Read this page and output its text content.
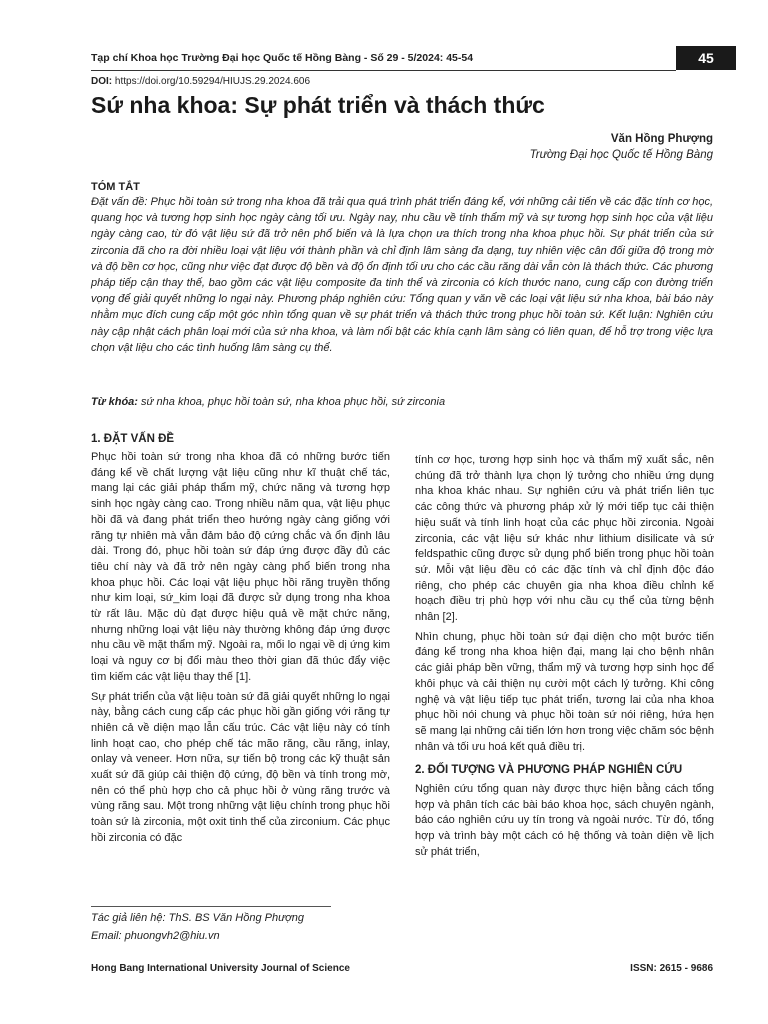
Tạp chí Khoa học Trường Đại học Quốc tế Hồng Bàng - Số 29 - 5/2024: 45-54	45
DOI: https://doi.org/10.59294/HIUJS.29.2024.606
Sứ nha khoa: Sự phát triển và thách thức
Văn Hồng Phượng
Trường Đại học Quốc tế Hồng Bàng
TÓM TẮT

Đặt vấn đề: Phục hồi toàn sứ trong nha khoa đã trải qua quá trình phát triển đáng kể, với những cải tiến về các đặc tính cơ học, quang học và tương hợp sinh học ngày càng tối ưu. Ngày nay, nhu cầu về tính thẩm mỹ và sự tương hợp sinh học của vật liệu ngày càng cao, từ đó vật liệu sứ đã trở nên phổ biến và là lựa chọn ưa thích trong nha khoa phục hồi. Sự phát triển của sứ zirconia đã cho ra đời nhiều loại vật liệu với thành phần và chỉ định lâm sàng đa dạng, tuy nhiên việc cân đối giữa độ trong mờ và độ bền cơ học, cũng như việc đạt được độ bền và độ ổn định tối ưu cho các cầu răng dài vẫn còn là thách thức. Các phương pháp tiếp cận thay thế, bao gồm các vật liệu composite đa tinh thể và zirconia có kích thước nano, cung cấp con đường triển vọng để giải quyết những lo ngại này. Phương pháp nghiên cứu: Tổng quan y văn về các loại vật liệu sứ nha khoa, bài báo này nhằm mục đích cung cấp một góc nhìn tổng quan về sự phát triển và thách thức trong phục hồi toàn sứ. Kết luận: Nghiên cứu này cập nhật cách phân loại mới của sứ nha khoa, và làm nổi bật các khía cạnh lâm sàng có liên quan, để hỗ trợ trong việc lựa chọn vật liệu cho các tình huống lâm sàng cụ thể.

Từ khóa: sứ nha khoa, phục hồi toàn sứ, nha khoa phục hồi, sứ zirconia
1. ĐẶT VẤN ĐỀ

Phục hồi toàn sứ trong nha khoa đã có những bước tiến đáng kể về chất lượng vật liệu cũng như kĩ thuật chế tác, mang lại các giải pháp thẩm mỹ, chức năng và tương hợp sinh học ngày càng cao. Trong nhiều năm qua, vật liệu phục hồi đã và đang phát triển theo hướng ngày càng giống với răng tự nhiên mà vẫn đảm bảo độ cứng chắc và ổn định lâu dài. Trong đó, phục hồi toàn sứ đáp ứng được đầy đủ các tiêu chí này và đã trở nên ngày càng phổ biến trong nha khoa phục hồi. Các loại vật liệu phục hồi răng truyền thống như kim loại, sứ_kim loại đã được sử dụng trong nha khoa từ rất lâu. Mặc dù đạt được hiệu quả về mặt chức năng, nhưng những loại vật liệu này thường không đáp ứng được nhu cầu về mặt thẩm mỹ. Ngoài ra, mối lo ngại về dị ứng kim loại và nguy cơ bị đổi màu theo thời gian đã thúc đẩy việc tìm kiếm các vật liệu thay thế [1].

Sự phát triển của vật liệu toàn sứ đã giải quyết những lo ngại này, bằng cách cung cấp các phục hồi gần giống với răng tự nhiên cả về diện mạo lẫn cấu trúc. Các vật liệu này có tính linh hoạt cao, cho phép chế tác mão răng, cầu răng, inlay, onlay và veneer. Hơn nữa, sự tiến bộ trong các kỹ thuật sản xuất sứ đã giúp cải thiện độ cứng, độ bền và tính trong mờ, nên có thể phù hợp cho cả phục hồi ở vùng răng trước và vùng răng sau. Một trong những vật liệu chính trong phục hồi toàn sứ là zirconia, một oxit tinh thể của zirconium. Các phục hồi zirconia có đặc

tính cơ học, tương hợp sinh học và thẩm mỹ xuất sắc, nên chúng đã trở thành lựa chọn lý tưởng cho nhiều ứng dụng nha khoa khác nhau. Sự nghiên cứu và phát triển liên tục các công thức và phương pháp xử lý mới tiếp tục cải thiện hiệu suất và tính linh hoạt của các phục hồi zirconia. Ngoài zirconia, các vật liệu sứ khác như lithium disilicate và sứ feldspathic cũng được sử dụng phổ biến trong phục hồi toàn sứ. Mỗi vật liệu đều có các đặc tính và chỉ định độc đáo riêng, cho phép các chuyên gia nha khoa điều chỉnh kế hoạch điều trị phù hợp với nhu cầu cụ thể của từng bệnh nhân [2].

Nhìn chung, phục hồi toàn sứ đại diện cho một bước tiến đáng kể trong nha khoa hiện đại, mang lại cho bệnh nhân các giải pháp bền vững, thẩm mỹ và tương hợp sinh học để khôi phục và cải thiện nụ cười một cách lý tưởng. Khi công nghệ và vật liệu tiếp tục phát triển, tương lai của nha khoa phục hồi nói chung và phục hồi toàn sứ nói riêng, hứa hẹn sẽ mang lại những cải tiến lớn hơn trong việc chăm sóc bệnh nhân và tối ưu hoá kết quả điều trị.

2. ĐỐI TƯỢNG VÀ PHƯƠNG PHÁP NGHIÊN CỨU

Nghiên cứu tổng quan này được thực hiện bằng cách tổng hợp và phân tích các bài báo khoa học, sách chuyên ngành, báo cáo nghiên cứu uy tín trong và ngoài nước. Từ đó, tổng hợp và trình bày một cách có hệ thống và toàn diện về lịch sử phát triển,

Tác giả liên hệ: ThS. BS Văn Hồng Phượng
Email: phuongvh2@hiu.vn
Hong Bang International University Journal of Science	ISSN: 2615 - 9686
